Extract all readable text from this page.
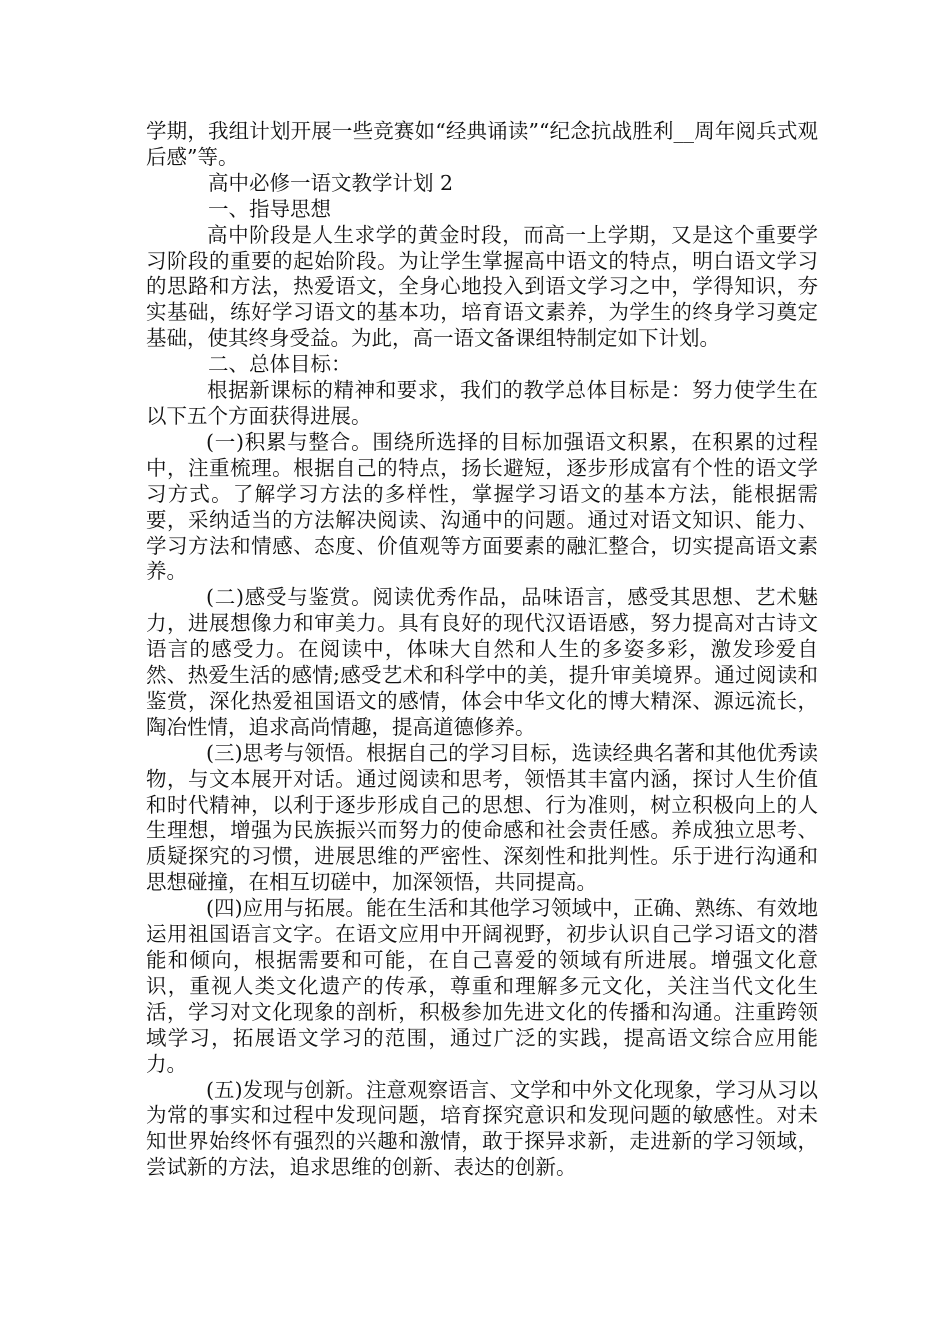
学期，我组计划开展一些竞赛如“经典诵读”“纪念抗战胜利__周年阅兵式观后感”等。

高中必修一语文教学计划 2

一、指导思想

高中阶段是人生求学的黄金时段，而高一上学期，又是这个重要学习阶段的重要的起始阶段。为让学生掌握高中语文的特点，明白语文学习的思路和方法，热爱语文，全身心地投入到语文学习之中，学得知识，夯实基础，练好学习语文的基本功，培育语文素养，为学生的终身学习奠定基础，使其终身受益。为此，高一语文备课组特制定如下计划。

二、总体目标：

根据新课标的精神和要求，我们的教学总体目标是：努力使学生在以下五个方面获得进展。

(一)积累与整合。围绕所选择的目标加强语文积累，在积累的过程中，注重梳理。根据自己的特点，扬长避短，逐步形成富有个性的语文学习方式。了解学习方法的多样性，掌握学习语文的基本方法，能根据需要，采纳适当的方法解决阅读、沟通中的问题。通过对语文知识、能力、学习方法和情感、态度、价值观等方面要素的融汇整合，切实提高语文素养。

(二)感受与鉴赏。阅读优秀作品，品味语言，感受其思想、艺术魅力，进展想像力和审美力。具有良好的现代汉语语感，努力提高对古诗文语言的感受力。在阅读中，体味大自然和人生的多姿多彩，激发珍爱自然、热爱生活的感情;感受艺术和科学中的美，提升审美境界。通过阅读和鉴赏，深化热爱祖国语文的感情，体会中华文化的博大精深、源远流长，陶冶性情，追求高尚情趣，提高道德修养。

(三)思考与领悟。根据自己的学习目标，选读经典名著和其他优秀读物，与文本展开对话。通过阅读和思考，领悟其丰富内涵，探讨人生价值和时代精神，以利于逐步形成自己的思想、行为准则，树立积极向上的人生理想，增强为民族振兴而努力的使命感和社会责任感。养成独立思考、质疑探究的习惯，进展思维的严密性、深刻性和批判性。乐于进行沟通和思想碰撞，在相互切磋中，加深领悟，共同提高。

(四)应用与拓展。能在生活和其他学习领域中，正确、熟练、有效地运用祖国语言文字。在语文应用中开阔视野，初步认识自己学习语文的潜能和倾向，根据需要和可能，在自己喜爱的领域有所进展。增强文化意识，重视人类文化遗产的传承，尊重和理解多元文化，关注当代文化生活，学习对文化现象的剖析，积极参加先进文化的传播和沟通。注重跨领域学习，拓展语文学习的范围，通过广泛的实践，提高语文综合应用能力。

(五)发现与创新。注意观察语言、文学和中外文化现象，学习从习以为常的事实和过程中发现问题，培育探究意识和发现问题的敏感性。对未知世界始终怀有强烈的兴趣和激情，敢于探异求新，走进新的学习领域，尝试新的方法，追求思维的创新、表达的创新。
